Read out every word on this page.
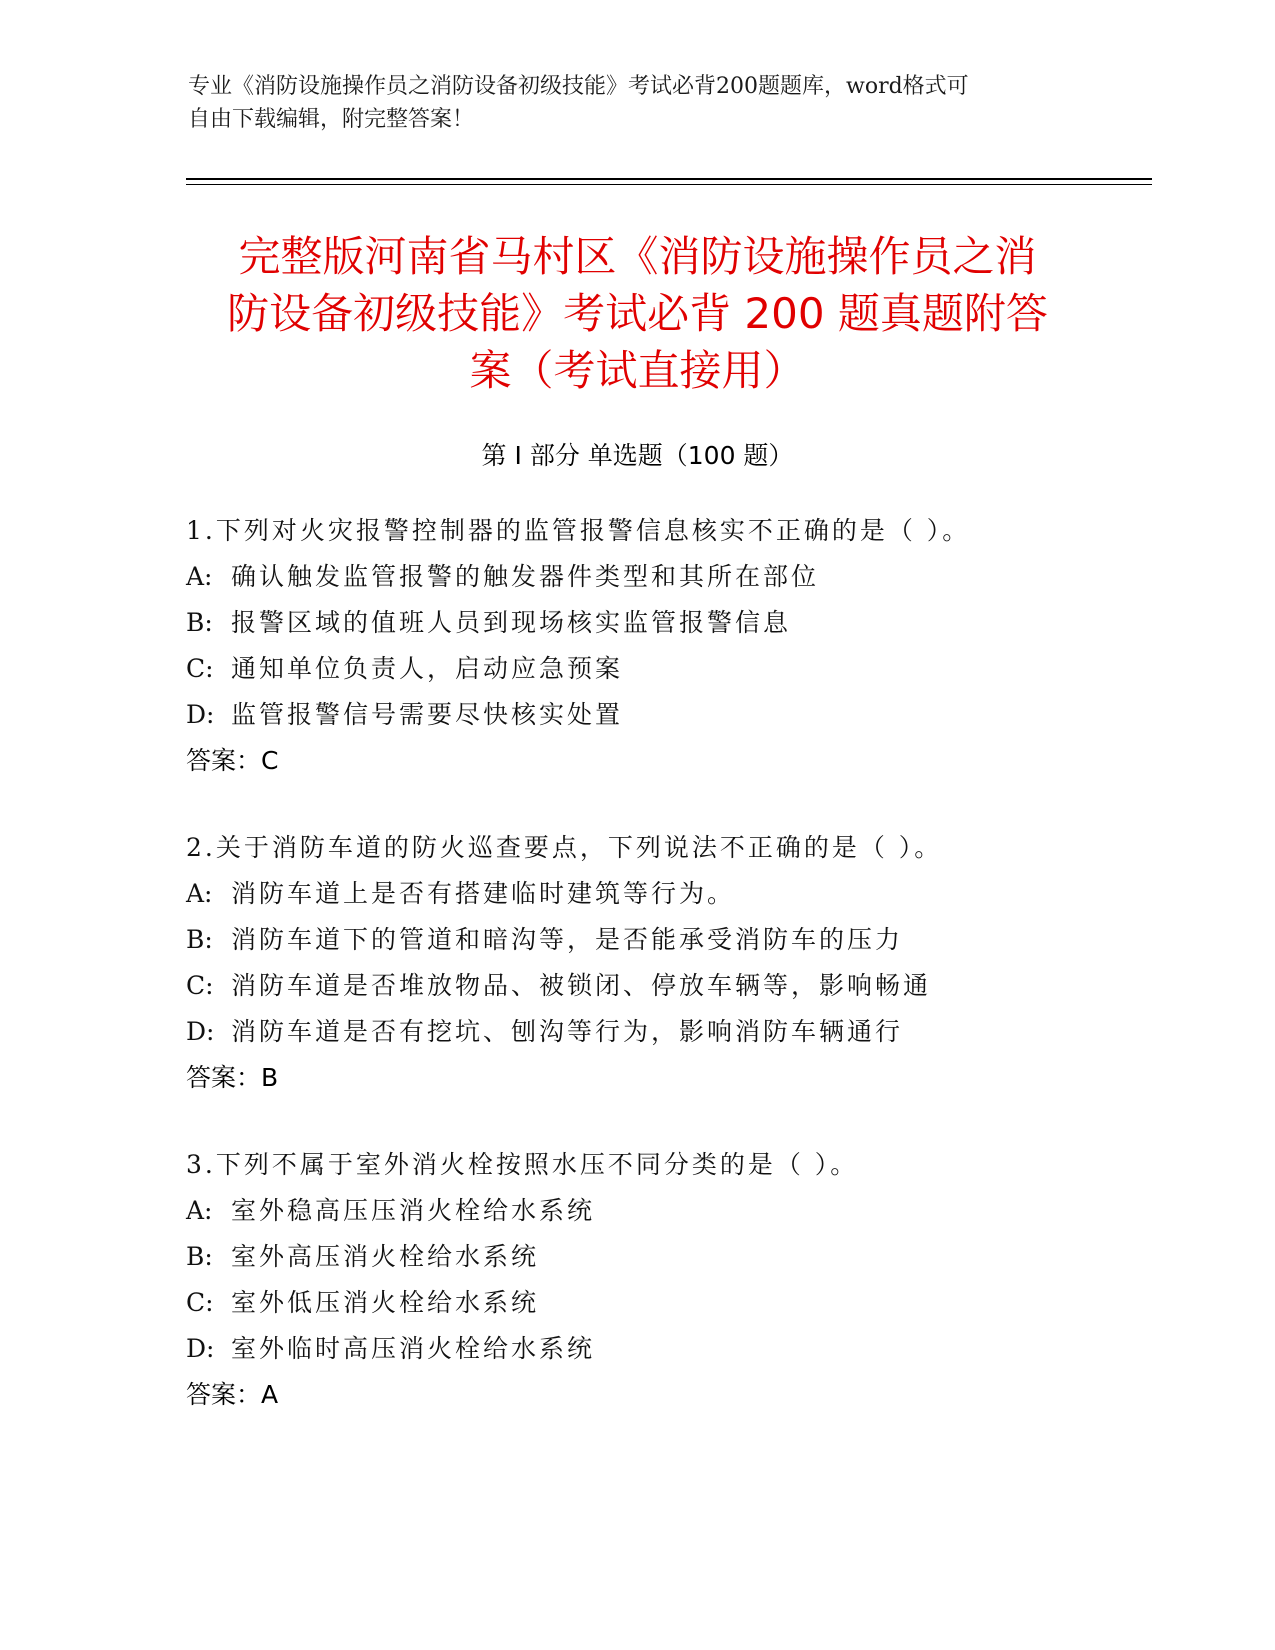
专业《消防设施操作员之消防设备初级技能》考试必背200题题库，word格式可
自由下载编辑，附完整答案！
完整版河南省马村区《消防设施操作员之消
防设备初级技能》考试必背 200 题真题附答
案（考试直接用）
第 I 部分 单选题（100 题）
1.下列对火灾报警控制器的监管报警信息核实不正确的是（ ）。
A: 确认触发监管报警的触发器件类型和其所在部位
B: 报警区域的值班人员到现场核实监管报警信息
C: 通知单位负责人，启动应急预案
D: 监管报警信号需要尽快核实处置
答案：C
2.关于消防车道的防火巡查要点，下列说法不正确的是（ ）。
A: 消防车道上是否有搭建临时建筑等行为。
B: 消防车道下的管道和暗沟等，是否能承受消防车的压力
C: 消防车道是否堆放物品、被锁闭、停放车辆等，影响畅通
D: 消防车道是否有挖坑、刨沟等行为，影响消防车辆通行
答案：B
3.下列不属于室外消火栓按照水压不同分类的是（ ）。
A: 室外稳高压压消火栓给水系统
B: 室外高压消火栓给水系统
C: 室外低压消火栓给水系统
D: 室外临时高压消火栓给水系统
答案：A
